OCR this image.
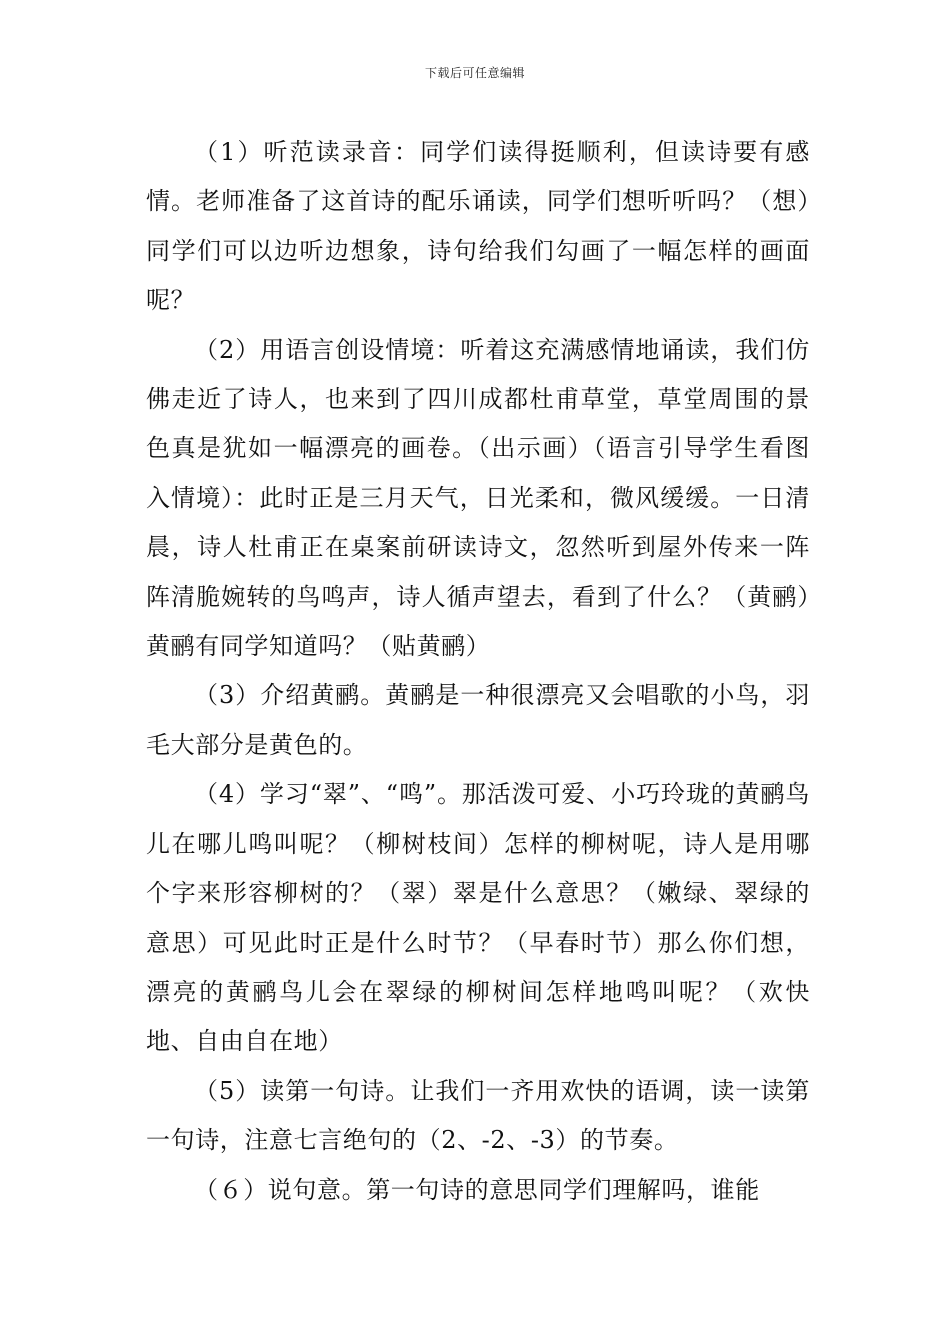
下载后可任意编辑

（1）听范读录音：同学们读得挺顺利，但读诗要有感情。老师准备了这首诗的配乐诵读，同学们想听听吗？（想）同学们可以边听边想象，诗句给我们勾画了一幅怎样的画面呢？

（2）用语言创设情境：听着这充满感情地诵读，我们仿佛走近了诗人，也来到了四川成都杜甫草堂，草堂周围的景色真是犹如一幅漂亮的画卷。（出示画）（语言引导学生看图入情境）：此时正是三月天气，日光柔和，微风缓缓。一日清晨，诗人杜甫正在桌案前研读诗文，忽然听到屋外传来一阵阵清脆婉转的鸟鸣声，诗人循声望去，看到了什么？（黄鹂）黄鹂有同学知道吗？（贴黄鹂）

（3）介绍黄鹂。黄鹂是一种很漂亮又会唱歌的小鸟，羽毛大部分是黄色的。

（4）学习“翠”、“鸣”。那活泼可爱、小巧玲珑的黄鹂鸟儿在哪儿鸣叫呢？（柳树枝间）怎样的柳树呢，诗人是用哪个字来形容柳树的？（翠）翠是什么意思？（嫩绿、翠绿的意思）可见此时正是什么时节？（早春时节）那么你们想，漂亮的黄鹂鸟儿会在翠绿的柳树间怎样地鸣叫呢？（欢快地、自由自在地）

（5）读第一句诗。让我们一齐用欢快的语调，读一读第一句诗，注意七言绝句的（2、-2、-3）的节奏。

（６）说句意。第一句诗的意思同学们理解吗，谁能
